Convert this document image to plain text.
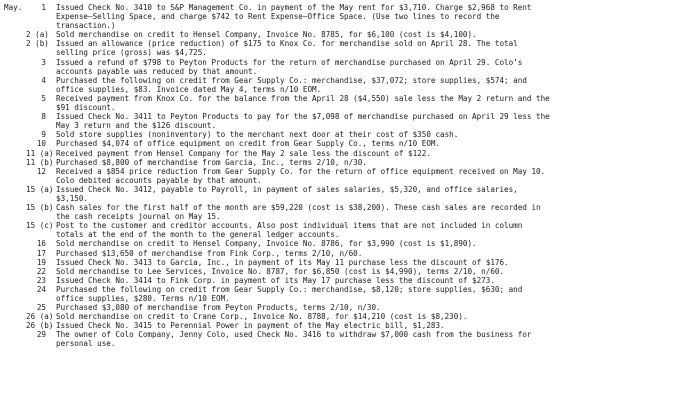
May.	1	Issued Check No. 3410 to S&P Management Co. in payment of the May rent for $3,710. Charge $2,968 to Rent
Expense–Selling Space, and charge $742 to Rent Expense–Office Space. (Use two lines to record the
transaction.)
2 (a) Sold merchandise on credit to Hensel Company, Invoice No. 8785, for $6,100 (cost is $4,100).
2 (b) Issued an allowance (price reduction) of $175 to Knox Co. for merchandise sold on April 28. The total
selling price (gross) was $4,725.
3	Issued a refund of $798 to Peyton Products for the return of merchandise purchased on April 29. Colo’s
accounts payable was reduced by that amount.
4	Purchased the following on credit from Gear Supply Co.: merchandise, $37,072; store supplies, $574; and
office supplies, $83. Invoice dated May 4, terms n/10 EOM.
5	Received payment from Knox Co. for the balance from the April 28 ($4,550) sale less the May 2 return and the
$91 discount.
8	Issued Check No. 3411 to Peyton Products to pay for the $7,098 of merchandise purchased on April 29 less the
May 3 return and the $126 discount.
9	Sold store supplies (noninventory) to the merchant next door at their cost of $350 cash.
10	Purchased $4,074 of office equipment on credit from Gear Supply Co., terms n/10 EOM.
11 (a) Received payment from Hensel Company for the May 2 sale less the discount of $122.
11 (b) Purchased $8,800 of merchandise from Garcia, Inc., terms 2/10, n/30.
12	Received a $854 price reduction from Gear Supply Co. for the return of office equipment received on May 10.
Colo debited accounts payable by that amount.
15 (a) Issued Check No. 3412, payable to Payroll, in payment of sales salaries, $5,320, and office salaries,
$3,150.
15 (b) Cash sales for the first half of the month are $59,220 (cost is $38,200). These cash sales are recorded in
the cash receipts journal on May 15.
15 (c) Post to the customer and creditor accounts. Also post individual items that are not included in column
totals at the end of the month to the general ledger accounts.
16	Sold merchandise on credit to Hensel Company, Invoice No. 8786, for $3,990 (cost is $1,890).
17	Purchased $13,650 of merchandise from Fink Corp., terms 2/10, n/60.
19	Issued Check No. 3413 to Garcia, Inc., in payment of its May 11 purchase less the discount of $176.
22	Sold merchandise to Lee Services, Invoice No. 8787, for $6,850 (cost is $4,990), terms 2/10, n/60.
23	Issued Check No. 3414 to Fink Corp. in payment of its May 17 purchase less the discount of $273.
24	Purchased the following on credit from Gear Supply Co.: merchandise, $8,120; store supplies, $630; and
office supplies, $280. Terms n/10 EOM.
25	Purchased $3,080 of merchandise from Peyton Products, terms 2/10, n/30.
26 (a) Sold merchandise on credit to Crane Corp., Invoice No. 8788, for $14,210 (cost is $8,230).
26 (b) Issued Check No. 3415 to Perennial Power in payment of the May electric bill, $1,283.
29	The owner of Colo Company, Jenny Colo, used Check No. 3416 to withdraw $7,000 cash from the business for
personal use.
